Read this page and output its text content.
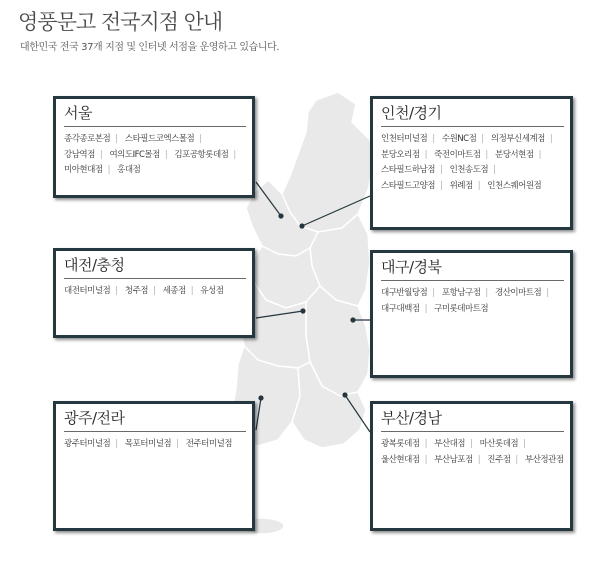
영풍문고 전국지점 안내
대한민국 전국 37개 지점 및 인터넷 서점을 운영하고 있습니다.
서울
종각종로본점 | 스타필드코엑스몰점 | 강남역점 | 여의도IFC몰점 | 김포공항롯데점 | 미아현대점 | 홍대점
인천/경기
인천터미널점 | 수원NC점 | 의정부신세계점 | 분당오리점 | 죽전이마트점 | 분당서현점 | 스타필드하남점 | 인천송도점 | 스타필드고양점 | 위례점 | 인천스퀘어원점
대전/충청
대전터미널점 | 청주점 | 세종점 | 유성점
대구/경북
대구반월당점 | 포항남구점 | 경산이마트점 | 대구대백점 | 구미롯데마트점
광주/전라
광주터미널점 | 목포터미널점 | 전주터미널점
부산/경남
광복롯데점 | 부산대점 | 마산롯데점 | 울산현대점 | 부산남포점 | 진주점 | 부산정관점
